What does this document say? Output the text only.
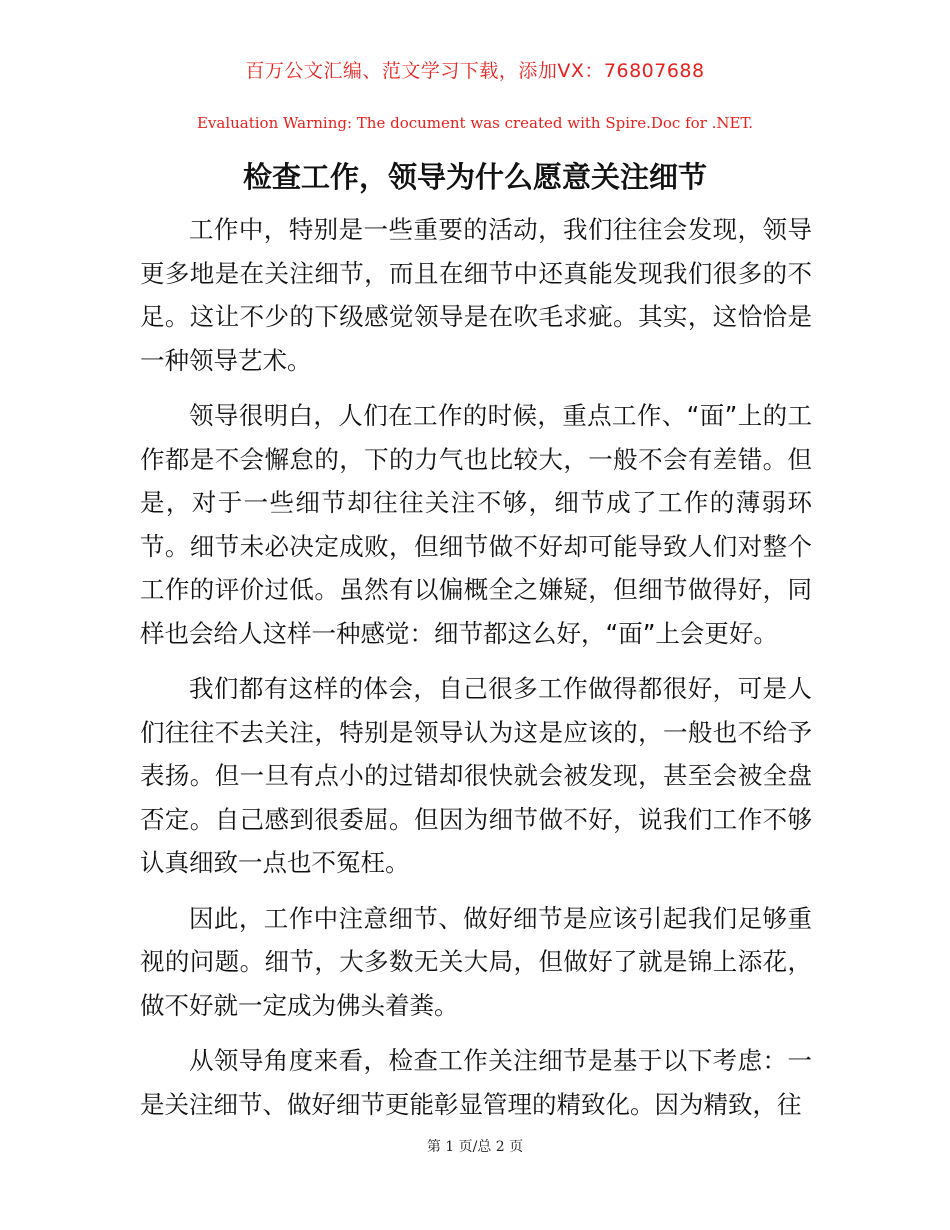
百万公文汇编、范文学习下载，添加VX：76807688
Evaluation Warning: The document was created with Spire.Doc for .NET.
检查工作，领导为什么愿意关注细节

工作中，特别是一些重要的活动，我们往往会发现，领导更多地是在关注细节，而且在细节中还真能发现我们很多的不足。这让不少的下级感觉领导是在吹毛求疵。其实，这恰恰是一种领导艺术。

领导很明白，人们在工作的时候，重点工作、“面”上的工作都是不会懈怠的，下的力气也比较大，一般不会有差错。但是，对于一些细节却往往关注不够，细节成了工作的薄弱环节。细节未必决定成败，但细节做不好却可能导致人们对整个工作的评价过低。虽然有以偏概全之嫌疑，但细节做得好，同样也会给人这样一种感觉：细节都这么好，“面”上会更好。

我们都有这样的体会，自己很多工作做得都很好，可是人们往往不去关注，特别是领导认为这是应该的，一般也不给予表扬。但一旦有点小的过错却很快就会被发现，甚至会被全盘否定。自己感到很委屈。但因为细节做不好，说我们工作不够认真细致一点也不冤枉。

因此，工作中注意细节、做好细节是应该引起我们足够重视的问题。细节，大多数无关大局，但做好了就是锦上添花，做不好就一定成为佛头着粪。

从领导角度来看，检查工作关注细节是基于以下考虑：一是关注细节、做好细节更能彰显管理的精致化。因为精致，往

第 1 页/总 2 页
